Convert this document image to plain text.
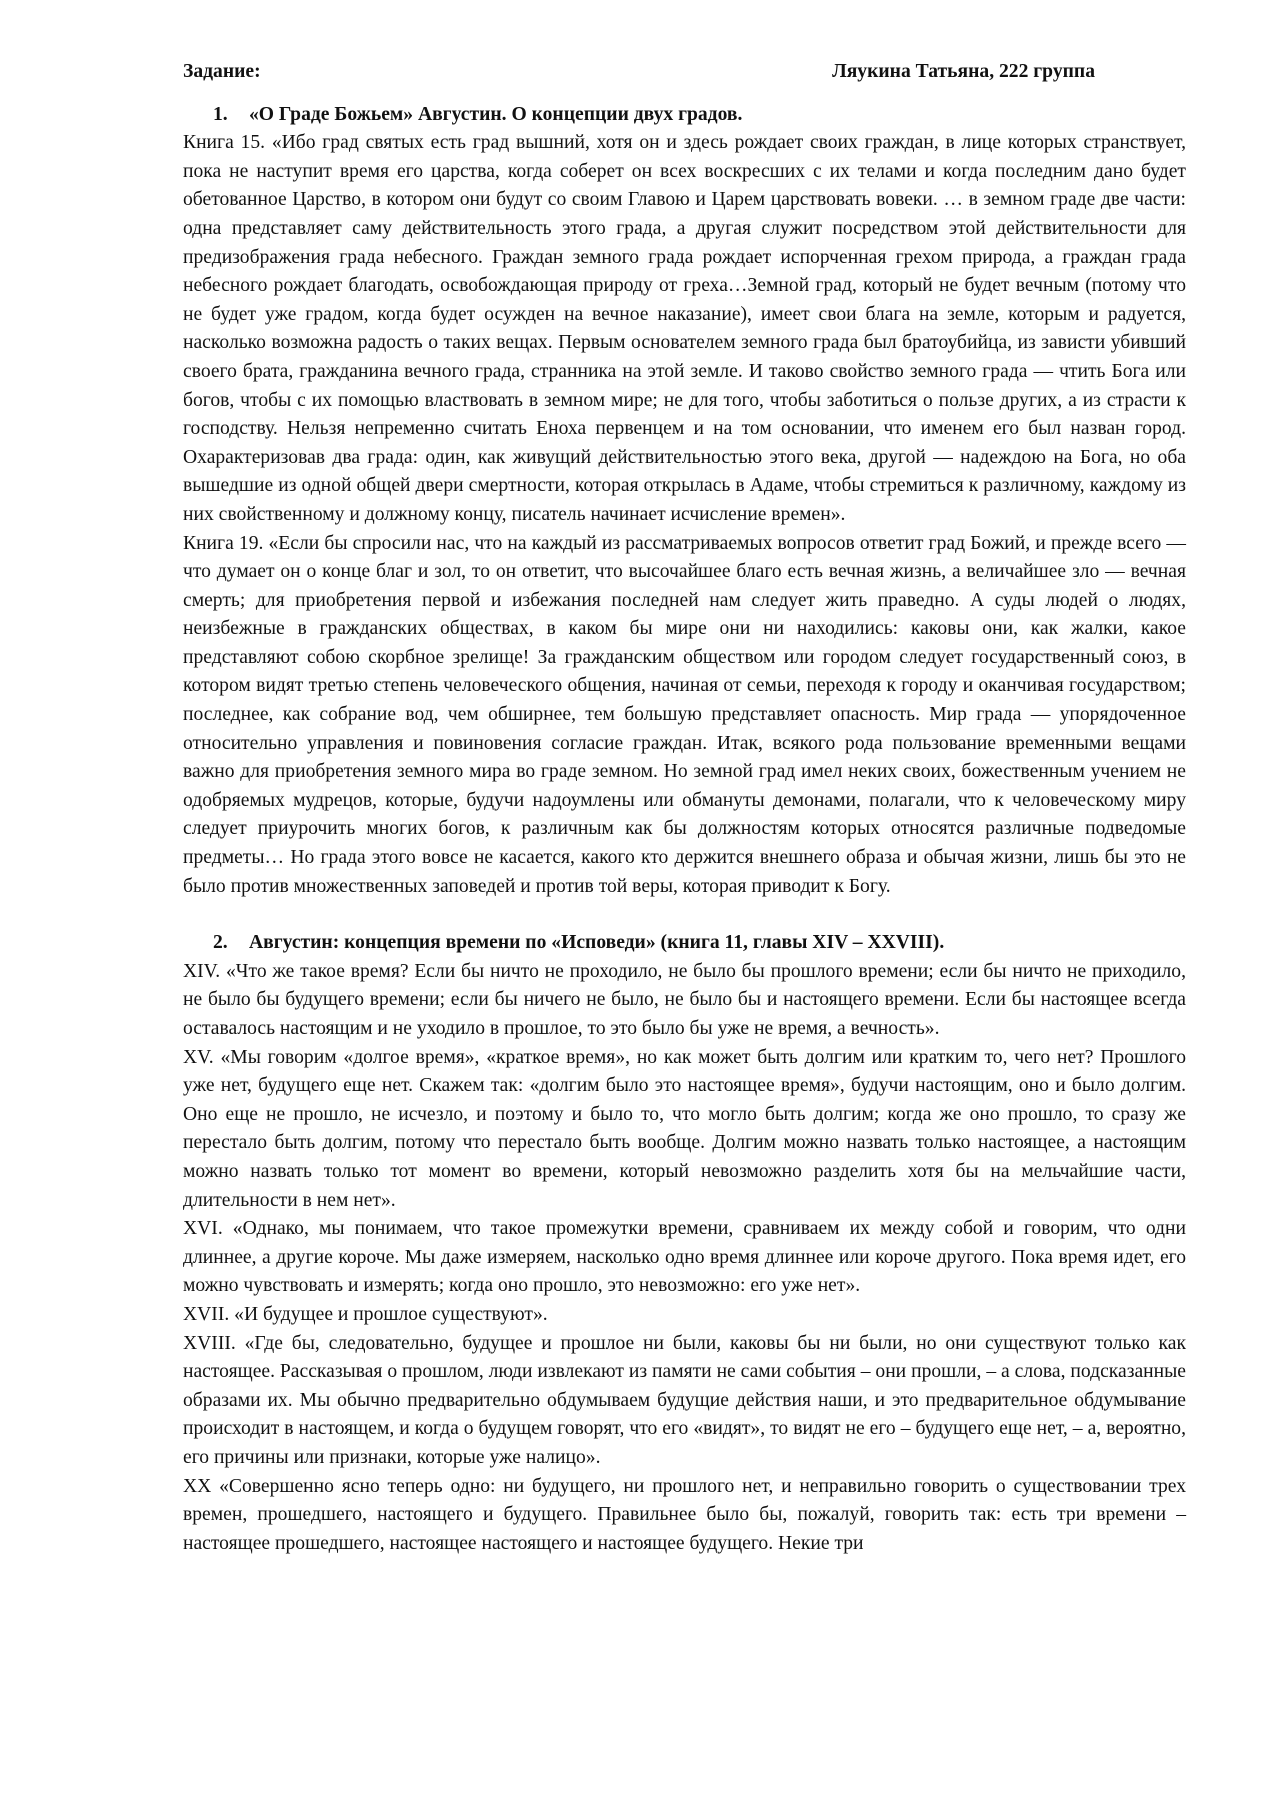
Задание:	Ляукина Татьяна, 222 группа
1. «О Граде Божьем» Августин. О концепции двух градов.

Книга 15. «Ибо град святых есть град вышний, хотя он и здесь рождает своих граждан, в лице которых странствует, пока не наступит время его царства, когда соберет он всех воскресших с их телами и когда последним дано будет обетованное Царство, в котором они будут со своим Главою и Царем царствовать вовеки. … в земном граде две части: одна представляет саму действительность этого града, а другая служит посредством этой действительности для предизображения града небесного. Граждан земного града рождает испорченная грехом природа, а граждан града небесного рождает благодать, освобождающая природу от греха…Земной град, который не будет вечным (потому что не будет уже градом, когда будет осужден на вечное наказание), имеет свои блага на земле, которым и радуется, насколько возможна радость о таких вещах. Первым основателем земного града был братоубийца, из зависти убивший своего брата, гражданина вечного града, странника на этой земле. И таково свойство земного града — чтить Бога или богов, чтобы с их помощью властвовать в земном мире; не для того, чтобы заботиться о пользе других, а из страсти к господству. Нельзя непременно считать Еноха первенцем и на том основании, что именем его был назван город. Охарактеризовав два града: один, как живущий действительностью этого века, другой — надеждою на Бога, но оба вышедшие из одной общей двери смертности, которая открылась в Адаме, чтобы стремиться к различному, каждому из них свойственному и должному концу, писатель начинает исчисление времен».

Книга 19. «Если бы спросили нас, что на каждый из рассматриваемых вопросов ответит град Божий, и прежде всего — что думает он о конце благ и зол, то он ответит, что высочайшее благо есть вечная жизнь, а величайшее зло — вечная смерть; для приобретения первой и избежания последней нам следует жить праведно. А суды людей о людях, неизбежные в гражданских обществах, в каком бы мире они ни находились: каковы они, как жалки, какое представляют собою скорбное зрелище! За гражданским обществом или городом следует государственный союз, в котором видят третью степень человеческого общения, начиная от семьи, переходя к городу и оканчивая государством; последнее, как собрание вод, чем обширнее, тем большую представляет опасность. Мир града — упорядоченное относительно управления и повиновения согласие граждан. Итак, всякого рода пользование временными вещами важно для приобретения земного мира во граде земном. Но земной град имел неких своих, божественным учением не одобряемых мудрецов, которые, будучи надоумлены или обмануты демонами, полагали, что к человеческому миру следует приурочить многих богов, к различным как бы должностям которых относятся различные подведомые предметы… Но града этого вовсе не касается, какого кто держится внешнего образа и обычая жизни, лишь бы это не было против множественных заповедей и против той веры, которая приводит к Богу.

2. Августин: концепция времени по «Исповеди» (книга 11, главы XIV – XXVIII).

XIV. «Что же такое время? Если бы ничто не проходило, не было бы прошлого времени; если бы ничто не приходило, не было бы будущего времени; если бы ничего не было, не было бы и настоящего времени. Если бы настоящее всегда оставалось настоящим и не уходило в прошлое, то это было бы уже не время, а вечность».

XV. «Мы говорим «долгое время», «краткое время», но как может быть долгим или кратким то, чего нет? Прошлого уже нет, будущего еще нет. Скажем так: «долгим было это настоящее время», будучи настоящим, оно и было долгим. Оно еще не прошло, не исчезло, и поэтому и было то, что могло быть долгим; когда же оно прошло, то сразу же перестало быть долгим, потому что перестало быть вообще. Долгим можно назвать только настоящее, а настоящим можно назвать только тот момент во времени, который невозможно разделить хотя бы на мельчайшие части, длительности в нем нет».

XVI. «Однако, мы понимаем, что такое промежутки времени, сравниваем их между собой и говорим, что одни длиннее, а другие короче. Мы даже измеряем, насколько одно время длиннее или короче другого. Пока время идет, его можно чувствовать и измерять; когда оно прошло, это невозможно: его уже нет».

XVII. «И будущее и прошлое существуют».

XVIII. «Где бы, следовательно, будущее и прошлое ни были, каковы бы ни были, но они существуют только как настоящее. Рассказывая о прошлом, люди извлекают из памяти не сами события – они прошли, – а слова, подсказанные образами их. Мы обычно предварительно обдумываем будущие действия наши, и это предварительное обдумывание происходит в настоящем, и когда о будущем говорят, что его «видят», то видят не его – будущего еще нет, – а, вероятно, его причины или признаки, которые уже налицо».

XX «Совершенно ясно теперь одно: ни будущего, ни прошлого нет, и неправильно говорить о существовании трех времен, прошедшего, настоящего и будущего. Правильнее было бы, пожалуй, говорить так: есть три времени – настоящее прошедшего, настоящее настоящего и настоящее будущего. Некие три
